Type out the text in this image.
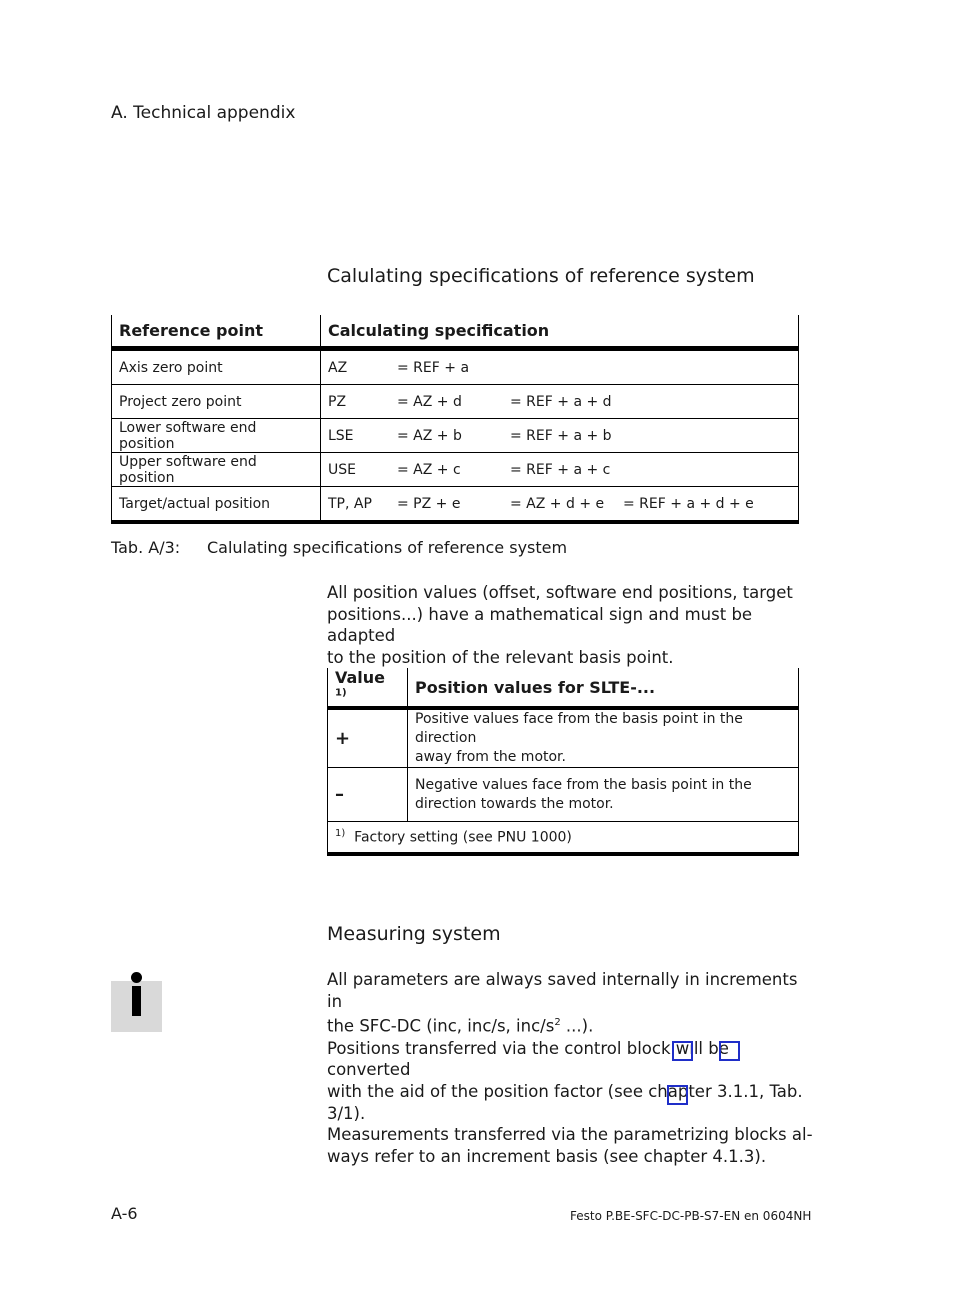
A. Technical appendix
Calulating specifications of reference system
Reference point	Calculating specification
Axis zero point	AZ = REF + a
Project zero point	PZ = AZ + d = REF + a + d
Lower software end position	LSE = AZ + b = REF + a + b
Upper software end position	USE = AZ + c = REF + a + c
Target/actual position	TP, AP = PZ + e = AZ + d + e = REF + a + d + e
Tab. A/3: Calulating specifications of reference system
All position values (offset, software end positions, target
positions...) have a mathematical sign and must be adapted
to the position of the relevant basis point.
Value $^{1)}$	Position values for SLTE-...
+	Positive values face from the basis point in the direction
away from the motor.

–	Negative values face from the basis point in the
direction towards the motor.

$^{1)}$ Factory setting (see PNU 1000)	
Measuring system
All parameters are always saved internally in increments in
the SFC-DC (inc, inc/s, inc/$s^2$ ...).
Positions transferred via the control block will be converted
with the aid of the position factor (see chapter 3.1.1, Tab. 3/1).
Measurements transferred via the parametrizing blocks al-
ways refer to an increment basis (see chapter 4.1.3).
A-6	Festo P.BE-SFC-DC-PB-S7-EN en 0604NH
